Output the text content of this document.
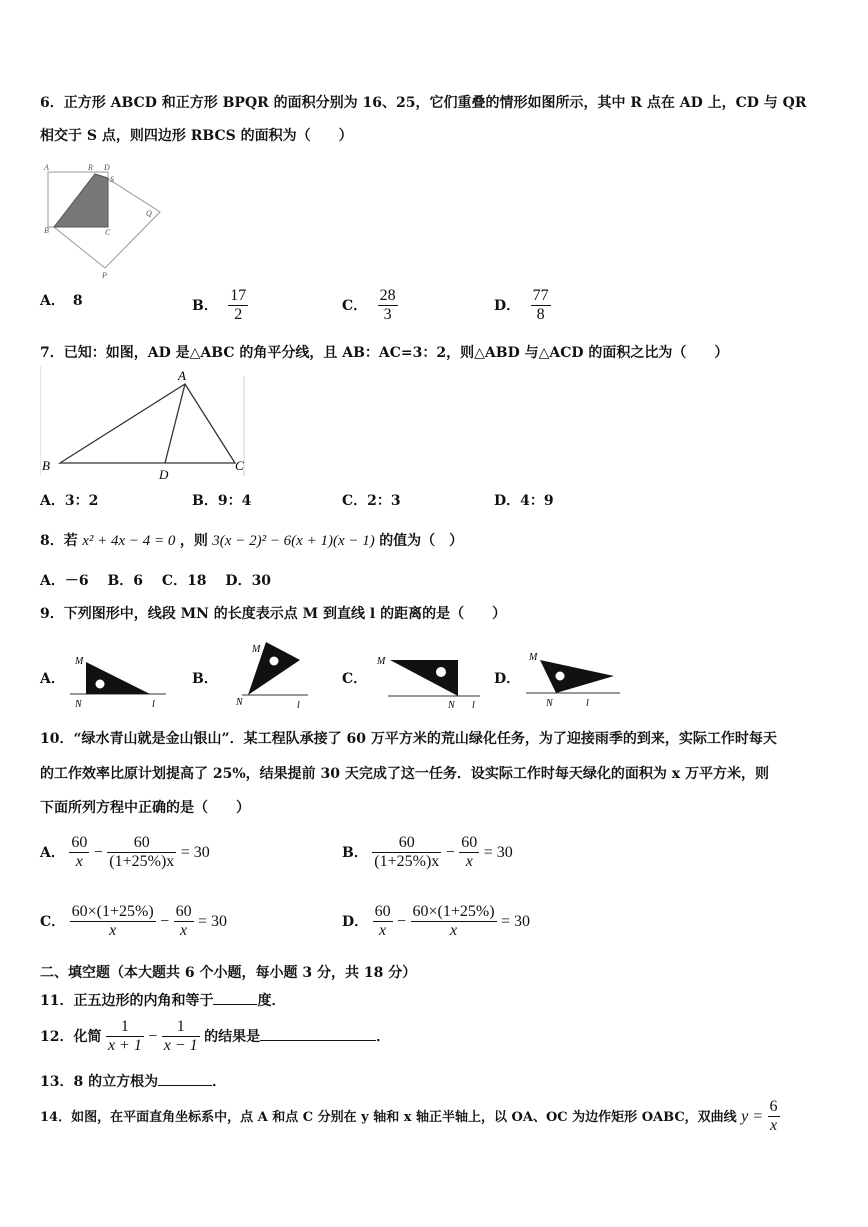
6．正方形 ABCD 和正方形 BPQR 的面积分别为 16、25，它们重叠的情形如图所示，其中 R 点在 AD 上，CD 与 QR
相交于 S 点，则四边形 RBCS 的面积为（　　）
A	R D
S
B	C
Q
P
A． 8	B． $\frac{17}{2}$	C． $\frac{28}{3}$	D． $\frac{77}{8}$
7．已知：如图，AD 是△ABC 的角平分线，且 AB：AC=3：2，则△ABD 与△ACD 的面积之比为（　　）
A
B
D
C
A．3：2	B．9：4	C．2：3	D．4：9
8．若 x² + 4x − 4 = 0 ，则 3(x − 2)² − 6(x + 1)(x − 1) 的值为（　）
A．－6　 B．6　 C．18　 D．30
9．下列图形中，线段 MN 的长度表示点 M 到直线 l 的距离的是（　　）
A．
M
N	l
B．
M
N	l
C．
M
N l
D．
M
N	l
10．“绿水青山就是金山银山”．某工程队承接了 60 万平方米的荒山绿化任务，为了迎接雨季的到来，实际工作时每天
的工作效率比原计划提高了 25%，结果提前 30 天完成了这一任务．设实际工作时每天绿化的面积为 x 万平方米，则
下面所列方程中正确的是（　　）
A． $\frac{60}{x} - \frac{60}{(1+25\%)x} = 30$	B． $\frac{60}{(1+25\%)x} - \frac{60}{x} = 30$
C． $\frac{60\times(1+25\%)}{x} - \frac{60}{x} = 30$	D． $\frac{60}{x} - \frac{60\times(1+25\%)}{x} = 30$
二、填空题（本大题共 6 个小题，每小题 3 分，共 18 分）
11．正五边形的内角和等于	度．
12．化简 $\frac{1}{x + 1} - \frac{1}{x - 1}$ 的结果是	．
13．8 的立方根为	．
14．如图，在平面直角坐标系中，点 A 和点 C 分别在 y 轴和 x 轴正半轴上，以 OA、OC 为边作矩形 OABC，双曲线 $y = \frac{6}{x}$
